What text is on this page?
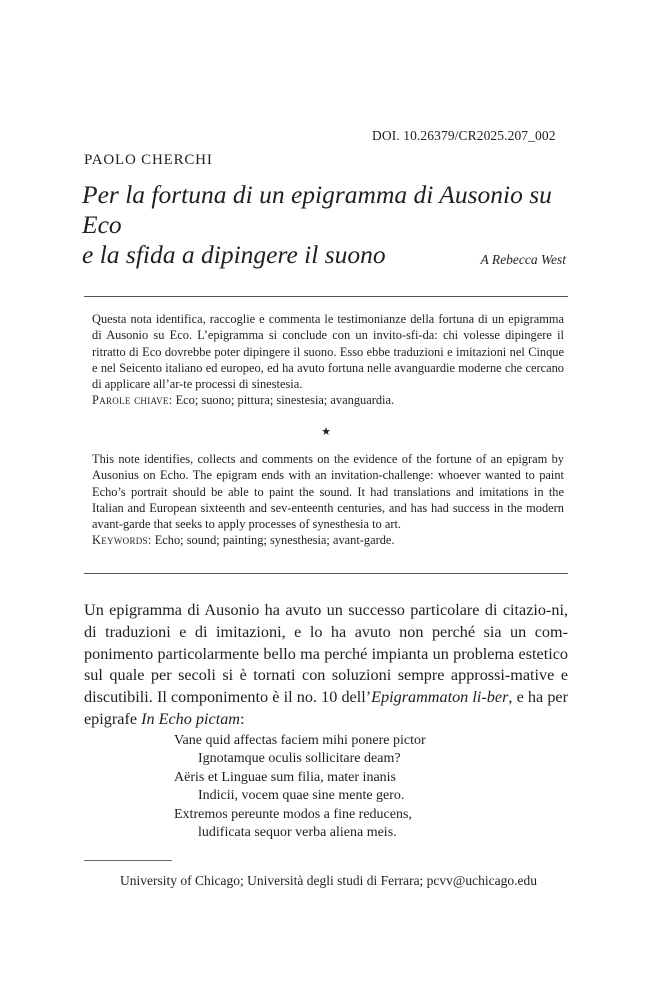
DOI. 10.26379/CR2025.207_002
PAOLO CHERCHI
Per la fortuna di un epigramma di Ausonio su Eco
e la sfida a dipingere il suono	A Rebecca West

Questa nota identifica, raccoglie e commenta le testimonianze della fortuna di un epigramma di Ausonio su Eco. L’epigramma si conclude con un invito-sfi-da: chi volesse dipingere il ritratto di Eco dovrebbe poter dipingere il suono. Esso ebbe traduzioni e imitazioni nel Cinque e nel Seicento italiano ed europeo, ed ha avuto fortuna nelle avanguardie moderne che cercano di applicare all’ar-te processi di sinestesia.
Parole chiave: Eco; suono; pittura; sinestesia; avanguardia.

★

This note identifies, collects and comments on the evidence of the fortune of an epigram by Ausonius on Echo. The epigram ends with an invitation-challenge: whoever wanted to paint Echo’s portrait should be able to paint the sound. It had translations and imitations in the Italian and European sixteenth and sev-enteenth centuries, and has had success in the modern avant-garde that seeks to apply processes of synesthesia to art.
Keywords: Echo; sound; painting; synesthesia; avant-garde.

Un epigramma di Ausonio ha avuto un successo particolare di citazio-ni, di traduzioni e di imitazioni, e lo ha avuto non perché sia un com-ponimento particolarmente bello ma perché impianta un problema estetico sul quale per secoli si è tornati con soluzioni sempre approssi-mative e discutibili. Il componimento è il no. 10 dell’Epigrammaton li-ber, e ha per epigrafe In Echo pictam:

Vane quid affectas faciem mihi ponere pictor
Ignotamque oculis sollicitare deam?
Aëris et Linguae sum filia, mater inanis
Indicii, vocem quae sine mente gero.
Extremos pereunte modos a fine reducens,
ludificata sequor verba aliena meis.
University of Chicago; Università degli studi di Ferrara; pcvv@uchicago.edu
